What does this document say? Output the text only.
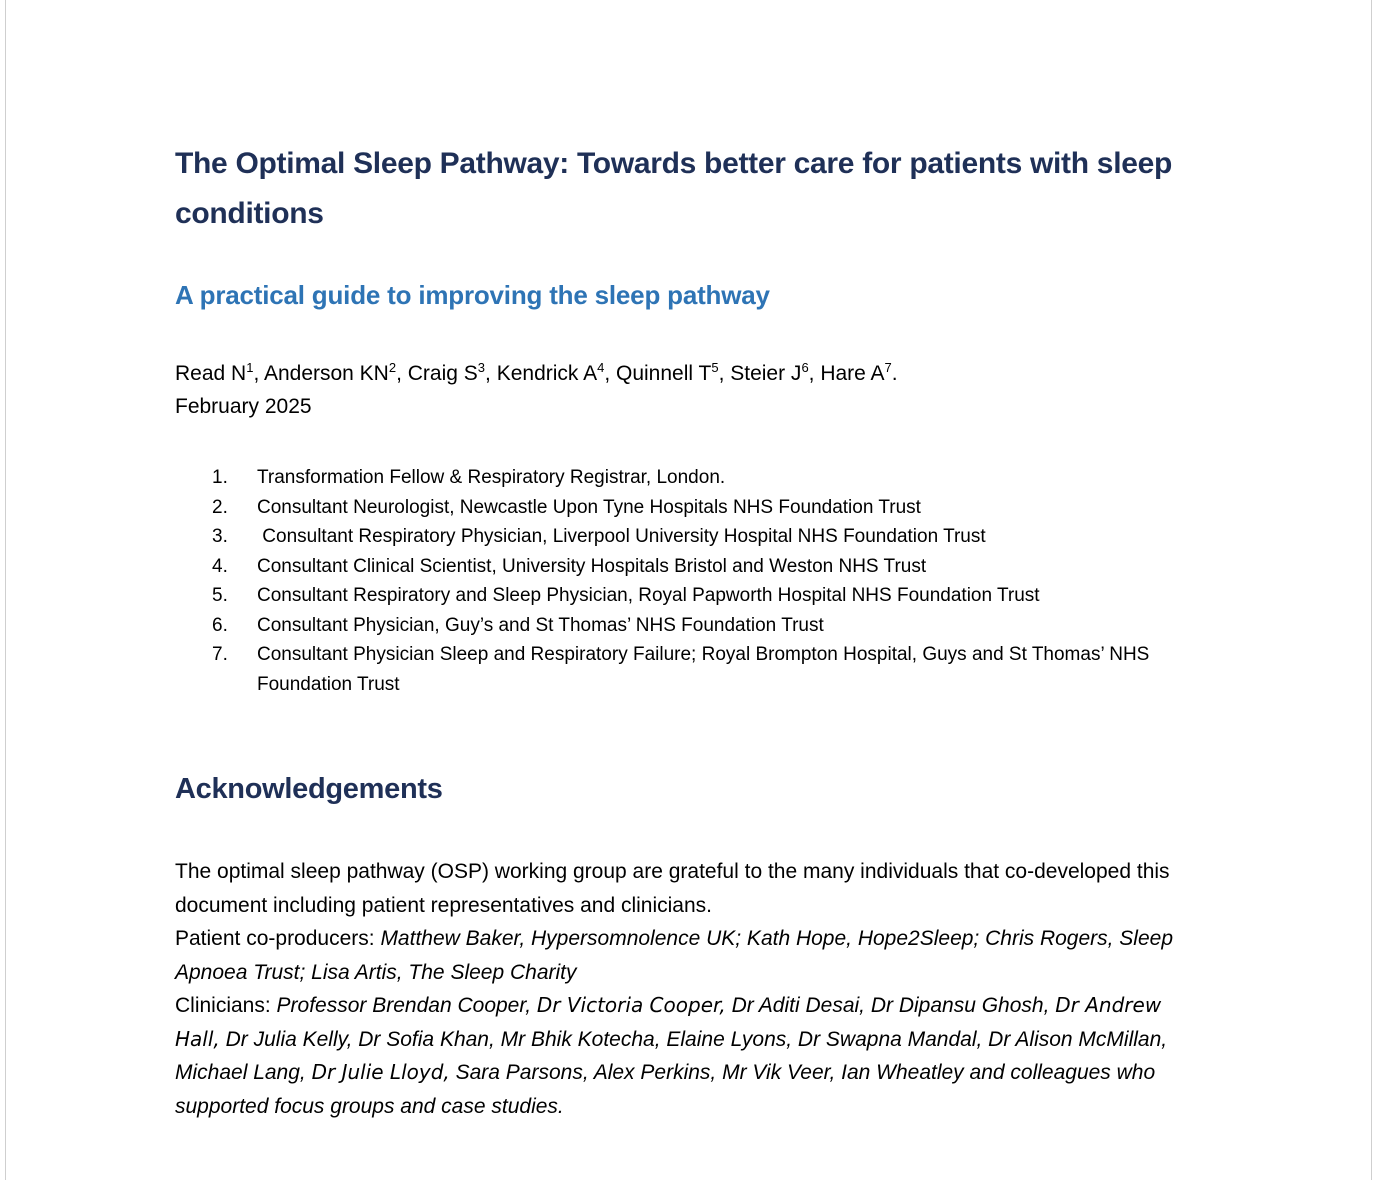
The Optimal Sleep Pathway: Towards better care for patients with sleep conditions
A practical guide to improving the sleep pathway

Read $N^1$, Anderson $KN^2$, Craig $S^3$, Kendrick $A^4$, Quinnell $T^5$, Steier $J^6$, Hare $A^7$.

February 2025

Transformation Fellow & Respiratory Registrar, London.
Consultant Neurologist, Newcastle Upon Tyne Hospitals NHS Foundation Trust
Consultant Respiratory Physician, Liverpool University Hospital NHS Foundation Trust
Consultant Clinical Scientist, University Hospitals Bristol and Weston NHS Trust
Consultant Respiratory and Sleep Physician, Royal Papworth Hospital NHS Foundation Trust
Consultant Physician, Guy’s and St Thomas’ NHS Foundation Trust
Consultant Physician Sleep and Respiratory Failure; Royal Brompton Hospital, Guys and St Thomas’ NHS Foundation Trust
Acknowledgements

The optimal sleep pathway (OSP) working group are grateful to the many individuals that co-developed this document including patient representatives and clinicians.

Patient co-producers: Matthew Baker, Hypersomnolence UK; Kath Hope, Hope2Sleep; Chris Rogers, Sleep Apnoea Trust; Lisa Artis, The Sleep Charity

Clinicians: Professor Brendan Cooper, Dr Victoria Cooper, Dr Aditi Desai, Dr Dipansu Ghosh, Dr Andrew Hall, Dr Julia Kelly, Dr Sofia Khan, Mr Bhik Kotecha, Elaine Lyons, Dr Swapna Mandal, Dr Alison McMillan, Michael Lang, Dr Julie Lloyd, Sara Parsons, Alex Perkins, Mr Vik Veer, Ian Wheatley and colleagues who supported focus groups and case studies.
